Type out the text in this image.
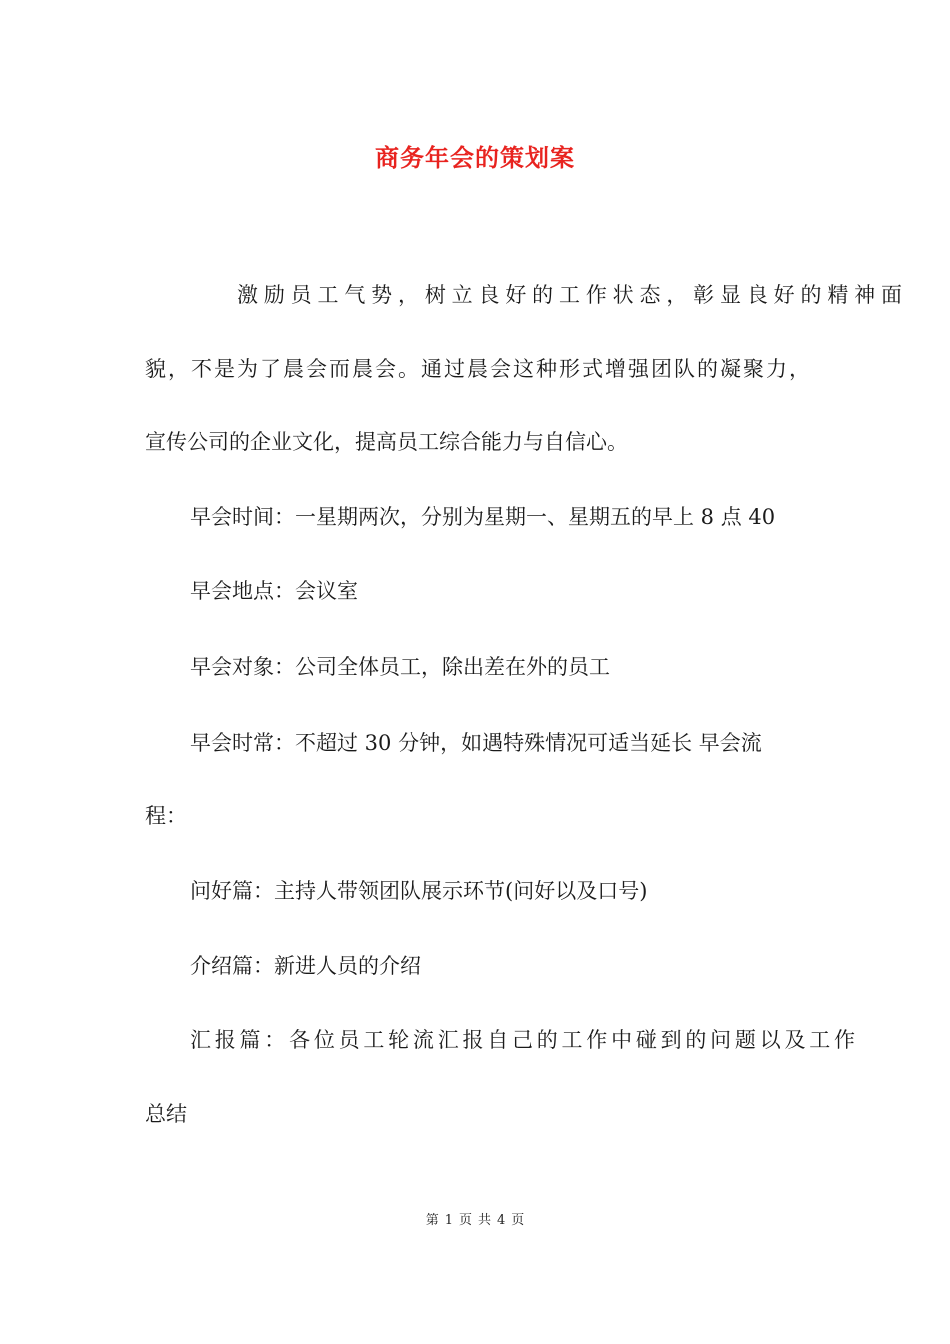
商务年会的策划案
激励员工气势，树立良好的工作状态，彰显良好的精神面
貌，不是为了晨会而晨会。通过晨会这种形式增强团队的凝聚力，
宣传公司的企业文化，提高员工综合能力与自信心。
早会时间：一星期两次，分别为星期一、星期五的早上 8 点 40
早会地点：会议室
早会对象：公司全体员工，除出差在外的员工
早会时常：不超过 30 分钟，如遇特殊情况可适当延长 早会流
程：
问好篇：主持人带领团队展示环节(问好以及口号)
介绍篇：新进人员的介绍
汇报篇：各位员工轮流汇报自己的工作中碰到的问题以及工作
总结
第 1 页 共 4 页
